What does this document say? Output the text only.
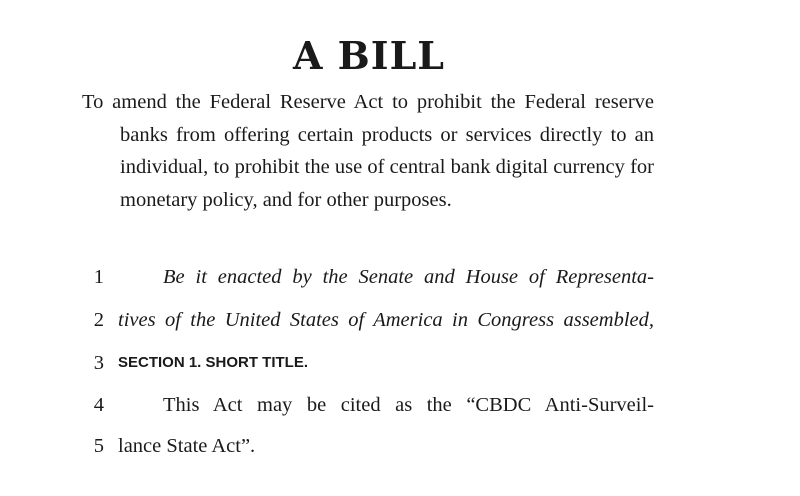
A BILL
To amend the Federal Reserve Act to prohibit the Federal reserve banks from offering certain products or services directly to an individual, to prohibit the use of central bank digital currency for monetary policy, and for other purposes.
1	Be it enacted by the Senate and House of Representa-
2 tives of the United States of America in Congress assembled,
3 SECTION 1. SHORT TITLE.
4	This Act may be cited as the “CBDC Anti-Surveil-
5 lance State Act”.
